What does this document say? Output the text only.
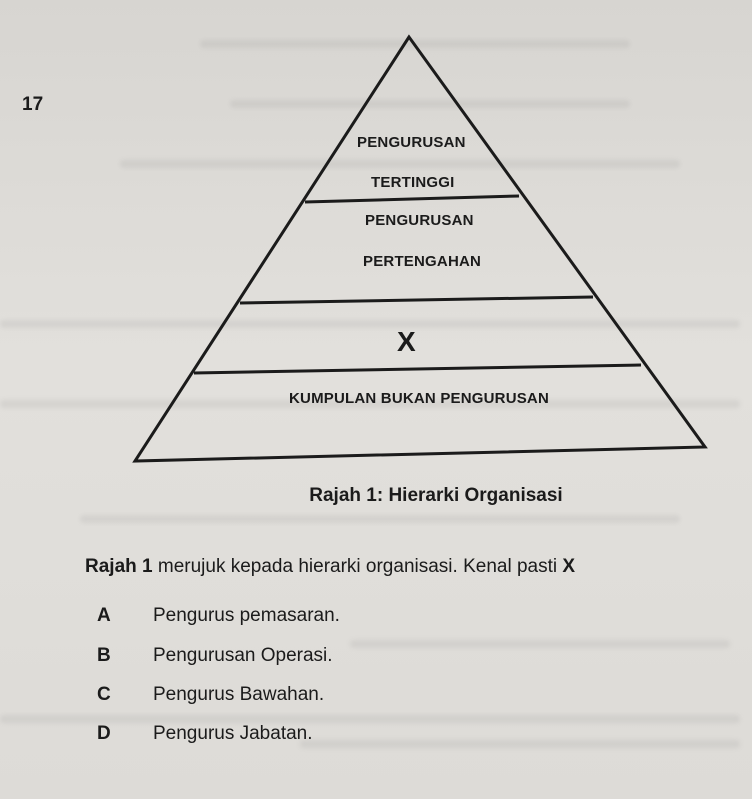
17
PENGURUSAN
TERTINGGI
PENGURUSAN
PERTENGAHAN
X
KUMPULAN BUKAN PENGURUSAN
Rajah 1: Hierarki Organisasi
Rajah 1 merujuk kepada hierarki organisasi. Kenal pasti X
A Pengurus pemasaran.
B Pengurusan Operasi.
C Pengurus Bawahan.
D Pengurus Jabatan.
